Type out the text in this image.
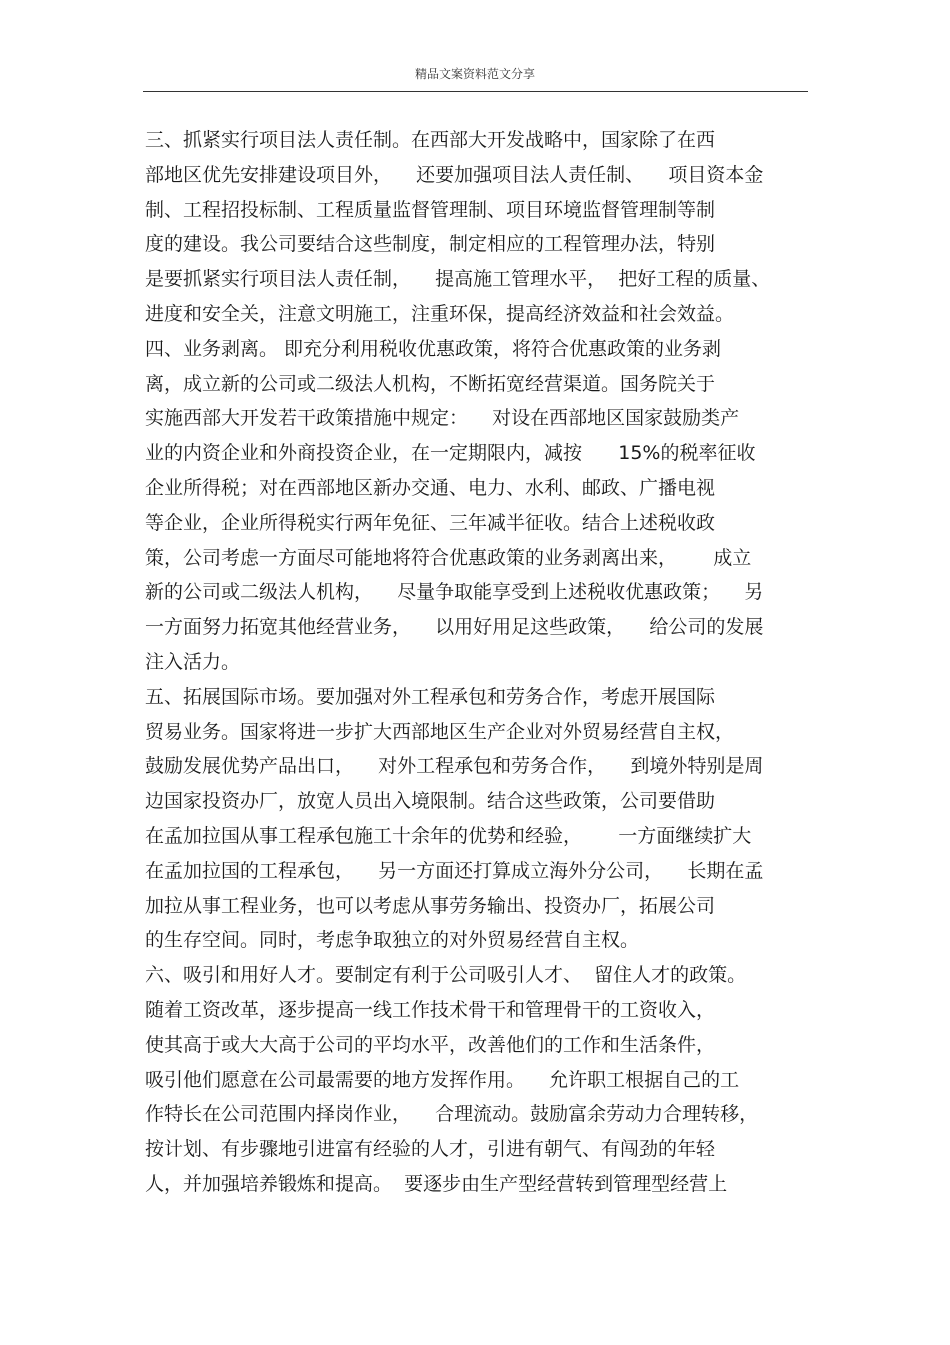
精品文案资料范文分享
三、抓紧实行项目法人责任制。在西部大开发战略中，国家除了在西
部地区优先安排建设项目外，    还要加强项目法人责任制、    项目资本金
制、工程招投标制、工程质量监督管理制、项目环境监督管理制等制
度的建设。我公司要结合这些制度，制定相应的工程管理办法，特别
是要抓紧实行项目法人责任制，    提高施工管理水平，  把好工程的质量、
进度和安全关，注意文明施工，注重环保，提高经济效益和社会效益。
四、业务剥离。 即充分利用税收优惠政策，将符合优惠政策的业务剥
离，成立新的公司或二级法人机构，不断拓宽经营渠道。国务院关于
实施西部大开发若干政策措施中规定：    对设在西部地区国家鼓励类产
业的内资企业和外商投资企业，在一定期限内，减按      15%的税率征收
企业所得税；对在西部地区新办交通、电力、水利、邮政、广播电视
等企业，企业所得税实行两年免征、三年减半征收。结合上述税收政
策，公司考虑一方面尽可能地将符合优惠政策的业务剥离出来，      成立
新的公司或二级法人机构，    尽量争取能享受到上述税收优惠政策；    另
一方面努力拓宽其他经营业务，    以用好用足这些政策，    给公司的发展
注入活力。
五、拓展国际市场。要加强对外工程承包和劳务合作，考虑开展国际
贸易业务。国家将进一步扩大西部地区生产企业对外贸易经营自主权，
鼓励发展优势产品出口，    对外工程承包和劳务合作，    到境外特别是周
边国家投资办厂，放宽人员出入境限制。结合这些政策，公司要借助
在孟加拉国从事工程承包施工十余年的优势和经验，      一方面继续扩大
在孟加拉国的工程承包，    另一方面还打算成立海外分公司，    长期在孟
加拉从事工程业务，也可以考虑从事劳务输出、投资办厂，拓展公司
的生存空间。同时，考虑争取独立的对外贸易经营自主权。
六、吸引和用好人才。要制定有利于公司吸引人才、  留住人才的政策。
随着工资改革，逐步提高一线工作技术骨干和管理骨干的工资收入，
使其高于或大大高于公司的平均水平，改善他们的工作和生活条件，
吸引他们愿意在公司最需要的地方发挥作用。    允许职工根据自己的工
作特长在公司范围内择岗作业，    合理流动。鼓励富余劳动力合理转移，
按计划、有步骤地引进富有经验的人才，引进有朝气、有闯劲的年轻
人，并加强培养锻炼和提高。  要逐步由生产型经营转到管理型经营上
